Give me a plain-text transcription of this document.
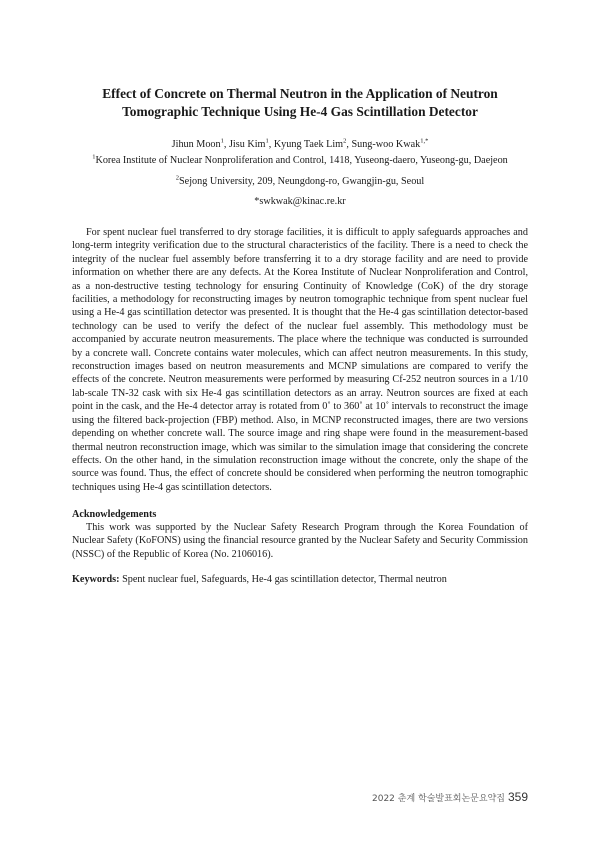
Effect of Concrete on Thermal Neutron in the Application of Neutron
Tomographic Technique Using He-4 Gas Scintillation Detector
Jihun Moon$^1$, Jisu Kim$^1$, Kyung Taek Lim$^2$, Sung-woo Kwak$^{1,*}$
$^1$Korea Institute of Nuclear Nonproliferation and Control, 1418, Yuseong-daero, Yuseong-gu, Daejeon
$^2$Sejong University, 209, Neungdong-ro, Gwangjin-gu, Seoul
*swkwak@kinac.re.kr

For spent nuclear fuel transferred to dry storage facilities, it is difficult to apply safeguards approaches and long-term integrity verification due to the structural characteristics of the facility. There is a need to check the integrity of the nuclear fuel assembly before transferring it to a dry storage facility and are need to provide information on whether there are any defects. At the Korea Institute of Nuclear Nonproliferation and Control, as a non-destructive testing technology for ensuring Continuity of Knowledge (CoK) of the dry storage facilities, a methodology for reconstructing images by neutron tomographic technique from spent nuclear fuel using a He-4 gas scintillation detector was presented. It is thought that the He-4 gas scintillation detector-based technology can be used to verify the defect of the nuclear fuel assembly. This methodology must be accompanied by accurate neutron measurements. The place where the technique was conducted is surrounded by a concrete wall. Concrete contains water molecules, which can affect neutron measurements. In this study, reconstruction images based on neutron measurements and MCNP simulations are compared to verify the effects of the concrete. Neutron measurements were performed by measuring Cf-252 neutron sources in a 1/10 lab-scale TN-32 cask with six He-4 gas scintillation detectors as an array. Neutron sources are fixed at each point in the cask, and the He-4 detector array is rotated from 0˚ to 360˚ at 10˚ intervals to reconstruct the image using the filtered back-projection (FBP) method. Also, in MCNP reconstructed images, there are two versions depending on whether concrete wall. The source image and ring shape were found in the measurement-based thermal neutron reconstruction image, which was similar to the simulation image that considering the concrete effects. On the other hand, in the simulation reconstruction image without the concrete, only the shape of the source was found. Thus, the effect of concrete should be considered when performing the neutron tomographic techniques using He-4 gas scintillation detectors.

Acknowledgements

This work was supported by the Nuclear Safety Research Program through the Korea Foundation of Nuclear Safety (KoFONS) using the financial resource granted by the Nuclear Safety and Security Commission (NSSC) of the Republic of Korea (No. 2106016).

Keywords: Spent nuclear fuel, Safeguards, He-4 gas scintillation detector, Thermal neutron
2022 춘계 학술발표회논문요약집 359
